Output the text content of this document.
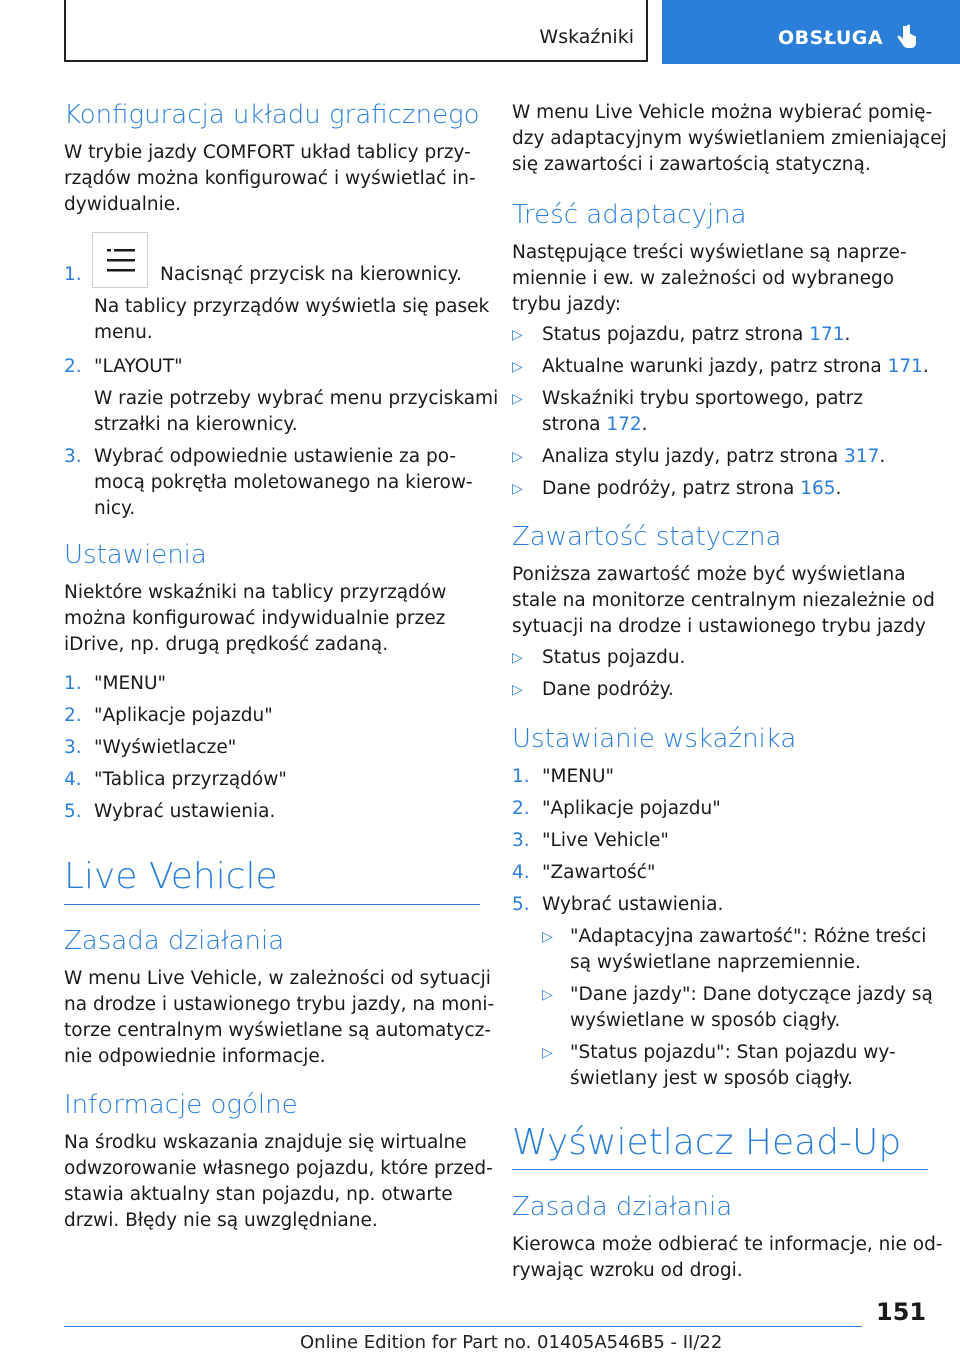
Wskaźniki	OBSŁUGA
Konfiguracja układu graficznego
W trybie jazdy COMFORT układ tablicy przy-
rządów można konfigurować i wyświetlać in-
dywidualnie.
1.	Nacisnąć przycisk na kierownicy.
Na tablicy przyrządów wyświetla się pasek
menu.
2. "LAYOUT"
W razie potrzeby wybrać menu przyciskami
strzałki na kierownicy.
3. Wybrać odpowiednie ustawienie za po-
mocą pokrętła moletowanego na kierow-
nicy.
Ustawienia
Niektóre wskaźniki na tablicy przyrządów
można konfigurować indywidualnie przez
iDrive, np. drugą prędkość zadaną.
1. "MENU"
2. "Aplikacje pojazdu"
3. "Wyświetlacze"
4. "Tablica przyrządów"
5. Wybrać ustawienia.
Live Vehicle
Zasada działania
W menu Live Vehicle, w zależności od sytuacji
na drodze i ustawionego trybu jazdy, na moni-
torze centralnym wyświetlane są automatycz-
nie odpowiednie informacje.
Informacje ogólne
Na środku wskazania znajduje się wirtualne
odwzorowanie własnego pojazdu, które przed-
stawia aktualny stan pojazdu, np. otwarte
drzwi. Błędy nie są uwzględniane.
W menu Live Vehicle można wybierać pomię-
dzy adaptacyjnym wyświetlaniem zmieniającej
się zawartości i zawartością statyczną.
Treść adaptacyjna
Następujące treści wyświetlane są naprze-
miennie i ew. w zależności od wybranego
trybu jazdy:
▷ Status pojazdu, patrz strona 171.
▷ Aktualne warunki jazdy, patrz strona 171.
▷ Wskaźniki trybu sportowego, patrz
strona 172.
▷ Analiza stylu jazdy, patrz strona 317.
▷ Dane podróży, patrz strona 165.
Zawartość statyczna
Poniższa zawartość może być wyświetlana
stale na monitorze centralnym niezależnie od
sytuacji na drodze i ustawionego trybu jazdy
▷ Status pojazdu.
▷ Dane podróży.
Ustawianie wskaźnika
1. "MENU"
2. "Aplikacje pojazdu"
3. "Live Vehicle"
4. "Zawartość"
5. Wybrać ustawienia.
▷ "Adaptacyjna zawartość": Różne treści
są wyświetlane naprzemiennie.
▷ "Dane jazdy": Dane dotyczące jazdy są
wyświetlane w sposób ciągły.
▷ "Status pojazdu": Stan pojazdu wy-
świetlany jest w sposób ciągły.
Wyświetlacz Head-Up
Zasada działania
Kierowca może odbierać te informacje, nie od-
rywając wzroku od drogi.
151
Online Edition for Part no. 01405A546B5 - II/22
